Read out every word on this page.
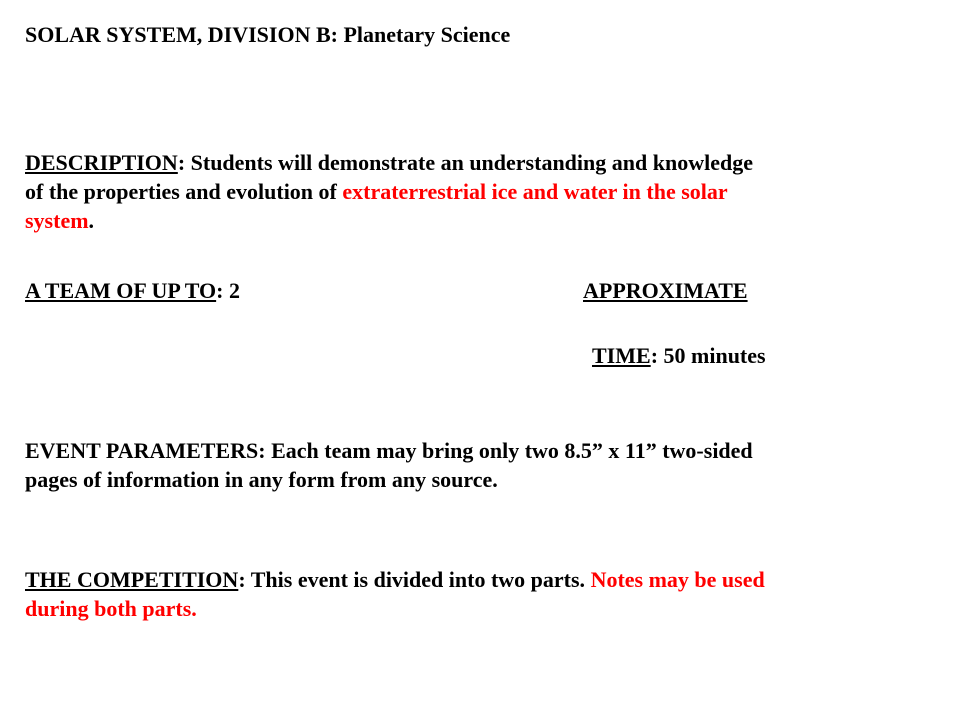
SOLAR SYSTEM, DIVISION B: Planetary Science
DESCRIPTION: Students will demonstrate an understanding and knowledge
of the properties and evolution of extraterrestrial ice and water in the solar
system.
A TEAM OF UP TO: 2	APPROXIMATE
TIME: 50 minutes
EVENT PARAMETERS: Each team may bring only two 8.5” x 11” two-sided
pages of information in any form from any source.
THE COMPETITION: This event is divided into two parts. Notes may be used
during both parts.
